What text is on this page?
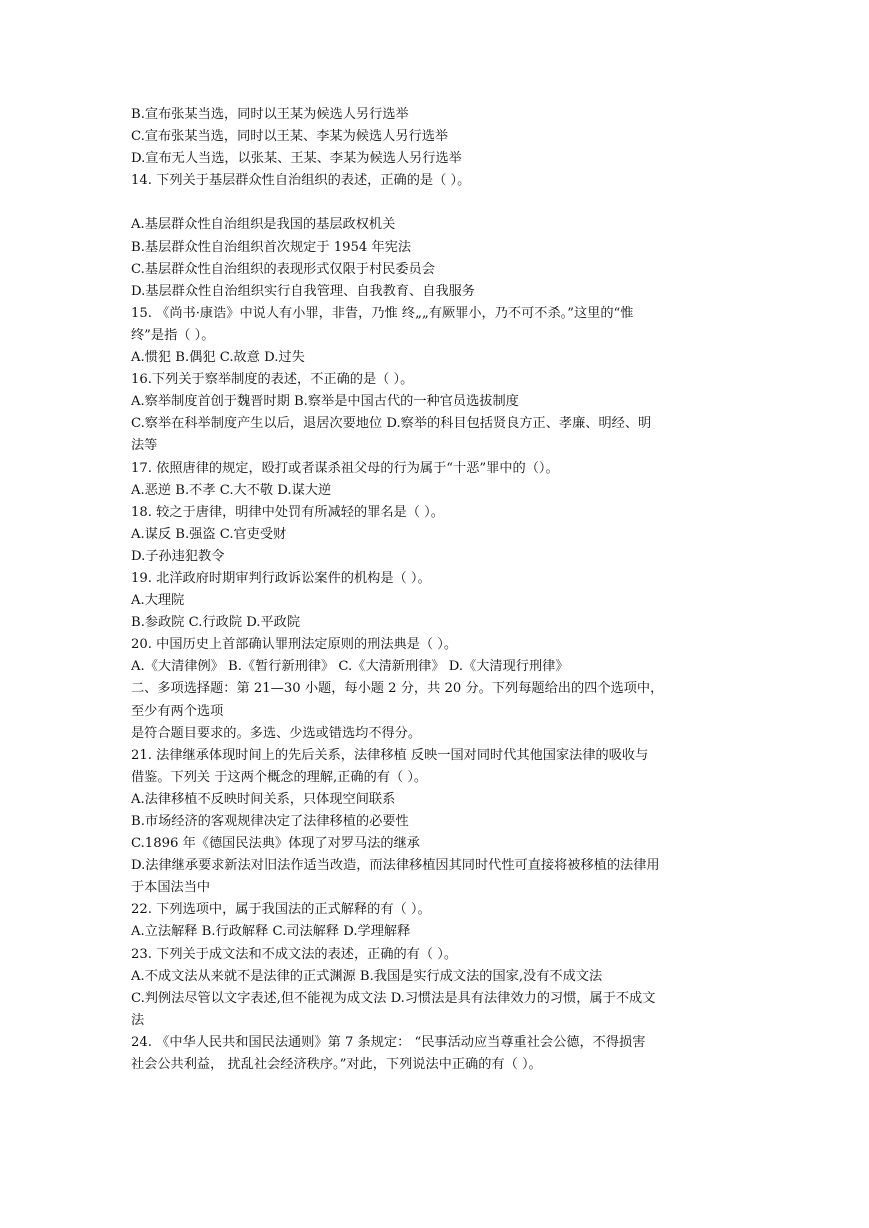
B.宣布张某当选，同时以王某为候选人另行选举
C.宣布张某当选，同时以王某、李某为候选人另行选举
D.宣布无人当选，以张某、王某、李某为候选人另行选举
14. 下列关于基层群众性自治组织的表述，正确的是（ ）。
A.基层群众性自治组织是我国的基层政权机关
B.基层群众性自治组织首次规定于 1954 年宪法
C.基层群众性自治组织的表现形式仅限于村民委员会
D.基层群众性自治组织实行自我管理、自我教育、自我服务
15. 《尚书·康诰》中说人有小罪，非眚，乃惟 终„„有厥罪小，乃不可不杀。”这里的“惟
终”是指（ ）。
A.惯犯 B.偶犯 C.故意 D.过失
16.下列关于察举制度的表述，不正确的是（ ）。
A.察举制度首创于魏晋时期 B.察举是中国古代的一种官员选拔制度
C.察举在科举制度产生以后，退居次要地位 D.察举的科目包括贤良方正、孝廉、明经、明
法等
17. 依照唐律的规定，殴打或者谋杀祖父母的行为属于“十恶”罪中的（）。
A.恶逆 B.不孝 C.大不敬 D.谋大逆
18. 较之于唐律，明律中处罚有所减轻的罪名是（ ）。
A.谋反 B.强盗 C.官吏受财
D.子孙违犯教令
19. 北洋政府时期审判行政诉讼案件的机构是（ ）。
A.大理院
B.参政院 C.行政院 D.平政院
20. 中国历史上首部确认罪刑法定原则的刑法典是（ ）。
A.《大清律例》 B.《暂行新刑律》 C.《大清新刑律》 D.《大清现行刑律》
二、多项选择题：第 21—30 小题，每小题 2 分，共 20 分。下列每题给出的四个选项中，
至少有两个选项
是符合题目要求的。多选、少选或错选均不得分。
21. 法律继承体现时间上的先后关系，法律移植 反映一国对同时代其他国家法律的吸收与
借鉴。下列关 于这两个概念的理解,正确的有（ ）。
A.法律移植不反映时间关系，只体现空间联系
B.市场经济的客观规律决定了法律移植的必要性
C.1896 年《德国民法典》体现了对罗马法的继承
D.法律继承要求新法对旧法作适当改造，而法律移植因其同时代性可直接将被移植的法律用
于本国法当中
22. 下列选项中，属于我国法的正式解释的有（ ）。
A.立法解释 B.行政解释 C.司法解释 D.学理解释
23. 下列关于成文法和不成文法的表述，正确的有（ ）。
A.不成文法从来就不是法律的正式渊源 B.我国是实行成文法的国家,没有不成文法
C.判例法尽管以文字表述,但不能视为成文法 D.习惯法是具有法律效力的习惯，属于不成文
法
24. 《中华人民共和国民法通则》第 7 条规定： “民事活动应当尊重社会公德，不得损害
社会公共利益， 扰乱社会经济秩序。”对此，下列说法中正确的有（ ）。
